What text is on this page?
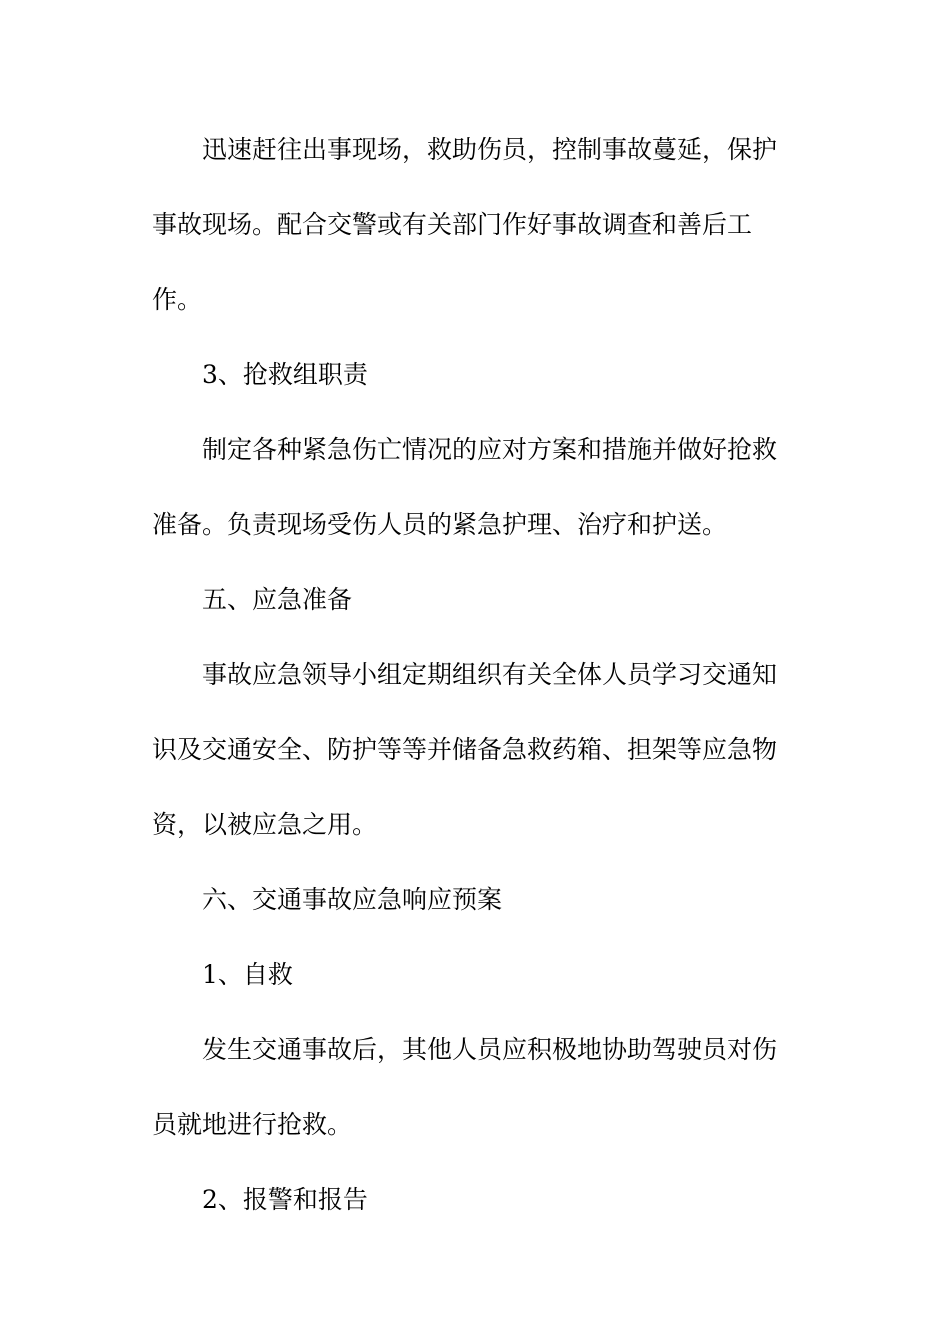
迅速赶往出事现场，救助伤员，控制事故蔓延，保护
事故现场。配合交警或有关部门作好事故调查和善后工
作。
3、抢救组职责
制定各种紧急伤亡情况的应对方案和措施并做好抢救
准备。负责现场受伤人员的紧急护理、治疗和护送。
五、应急准备
事故应急领导小组定期组织有关全体人员学习交通知
识及交通安全、防护等等并储备急救药箱、担架等应急物
资，以被应急之用。
六、交通事故应急响应预案
1、自救
发生交通事故后，其他人员应积极地协助驾驶员对伤
员就地进行抢救。
2、报警和报告
